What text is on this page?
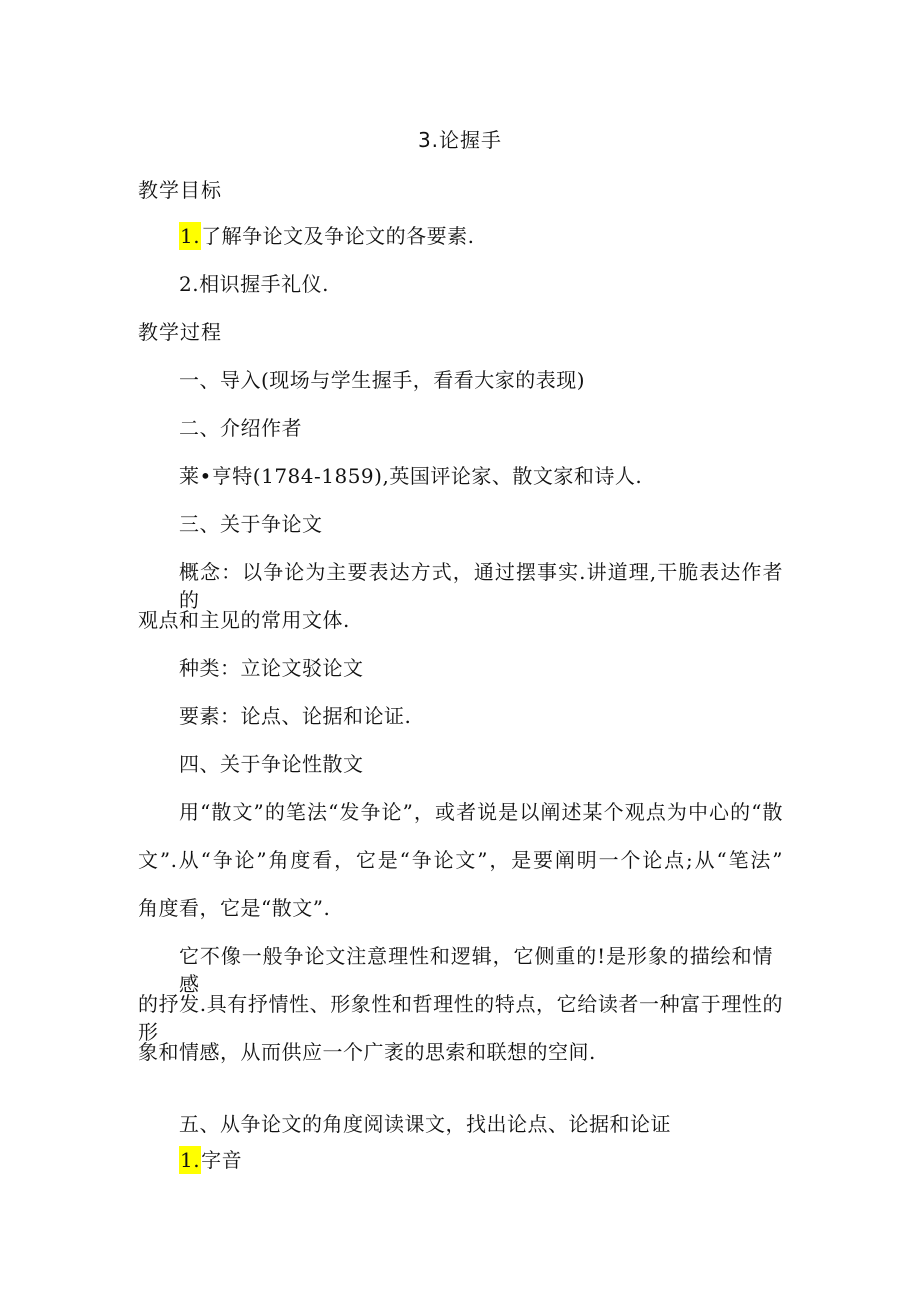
3.论握手
教学目标
1.了解争论文及争论文的各要素.
2.相识握手礼仪.
教学过程
一、导入(现场与学生握手，看看大家的表现)
二、介绍作者
莱•亨特(1784-1859),英国评论家、散文家和诗人.
三、关于争论文
概念：以争论为主要表达方式，通过摆事实.讲道理,干脆表达作者的
观点和主见的常用文体.
种类：立论文驳论文
要素：论点、论据和论证.
四、关于争论性散文
用“散文”的笔法“发争论”，或者说是以阐述某个观点为中心的“散
文”.从“争论”角度看，它是“争论文”，是要阐明一个论点;从“笔法”
角度看，它是“散文”.
它不像一般争论文注意理性和逻辑，它侧重的!是形象的描绘和情感
的抒发.具有抒情性、形象性和哲理性的特点，它给读者一种富于理性的形
象和情感，从而供应一个广袤的思索和联想的空间.
五、从争论文的角度阅读课文，找出论点、论据和论证
1.字音
